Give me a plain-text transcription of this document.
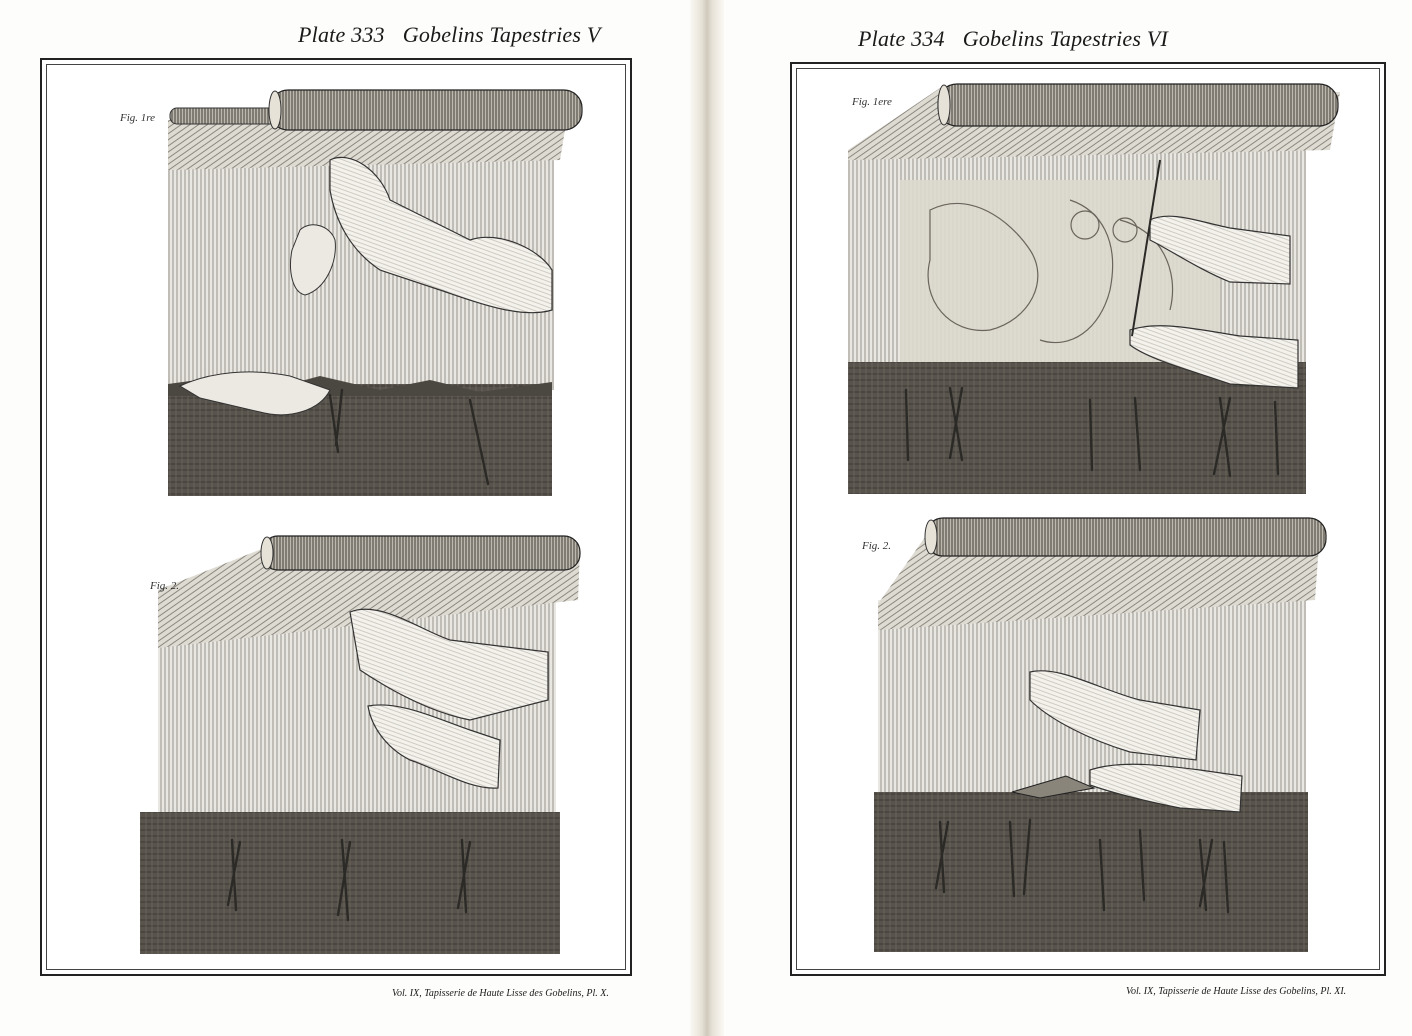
Plate 333 Gobelins Tapestries V	Plate 334 Gobelins Tapestries VI
Fig. 1re
Fig. 2.
Fig. 1ere
Fig. 2.
Vol. IX, Tapisserie de Haute Lisse des Gobelins, Pl. X.	Vol. IX, Tapisserie de Haute Lisse des Gobelins, Pl. XI.
